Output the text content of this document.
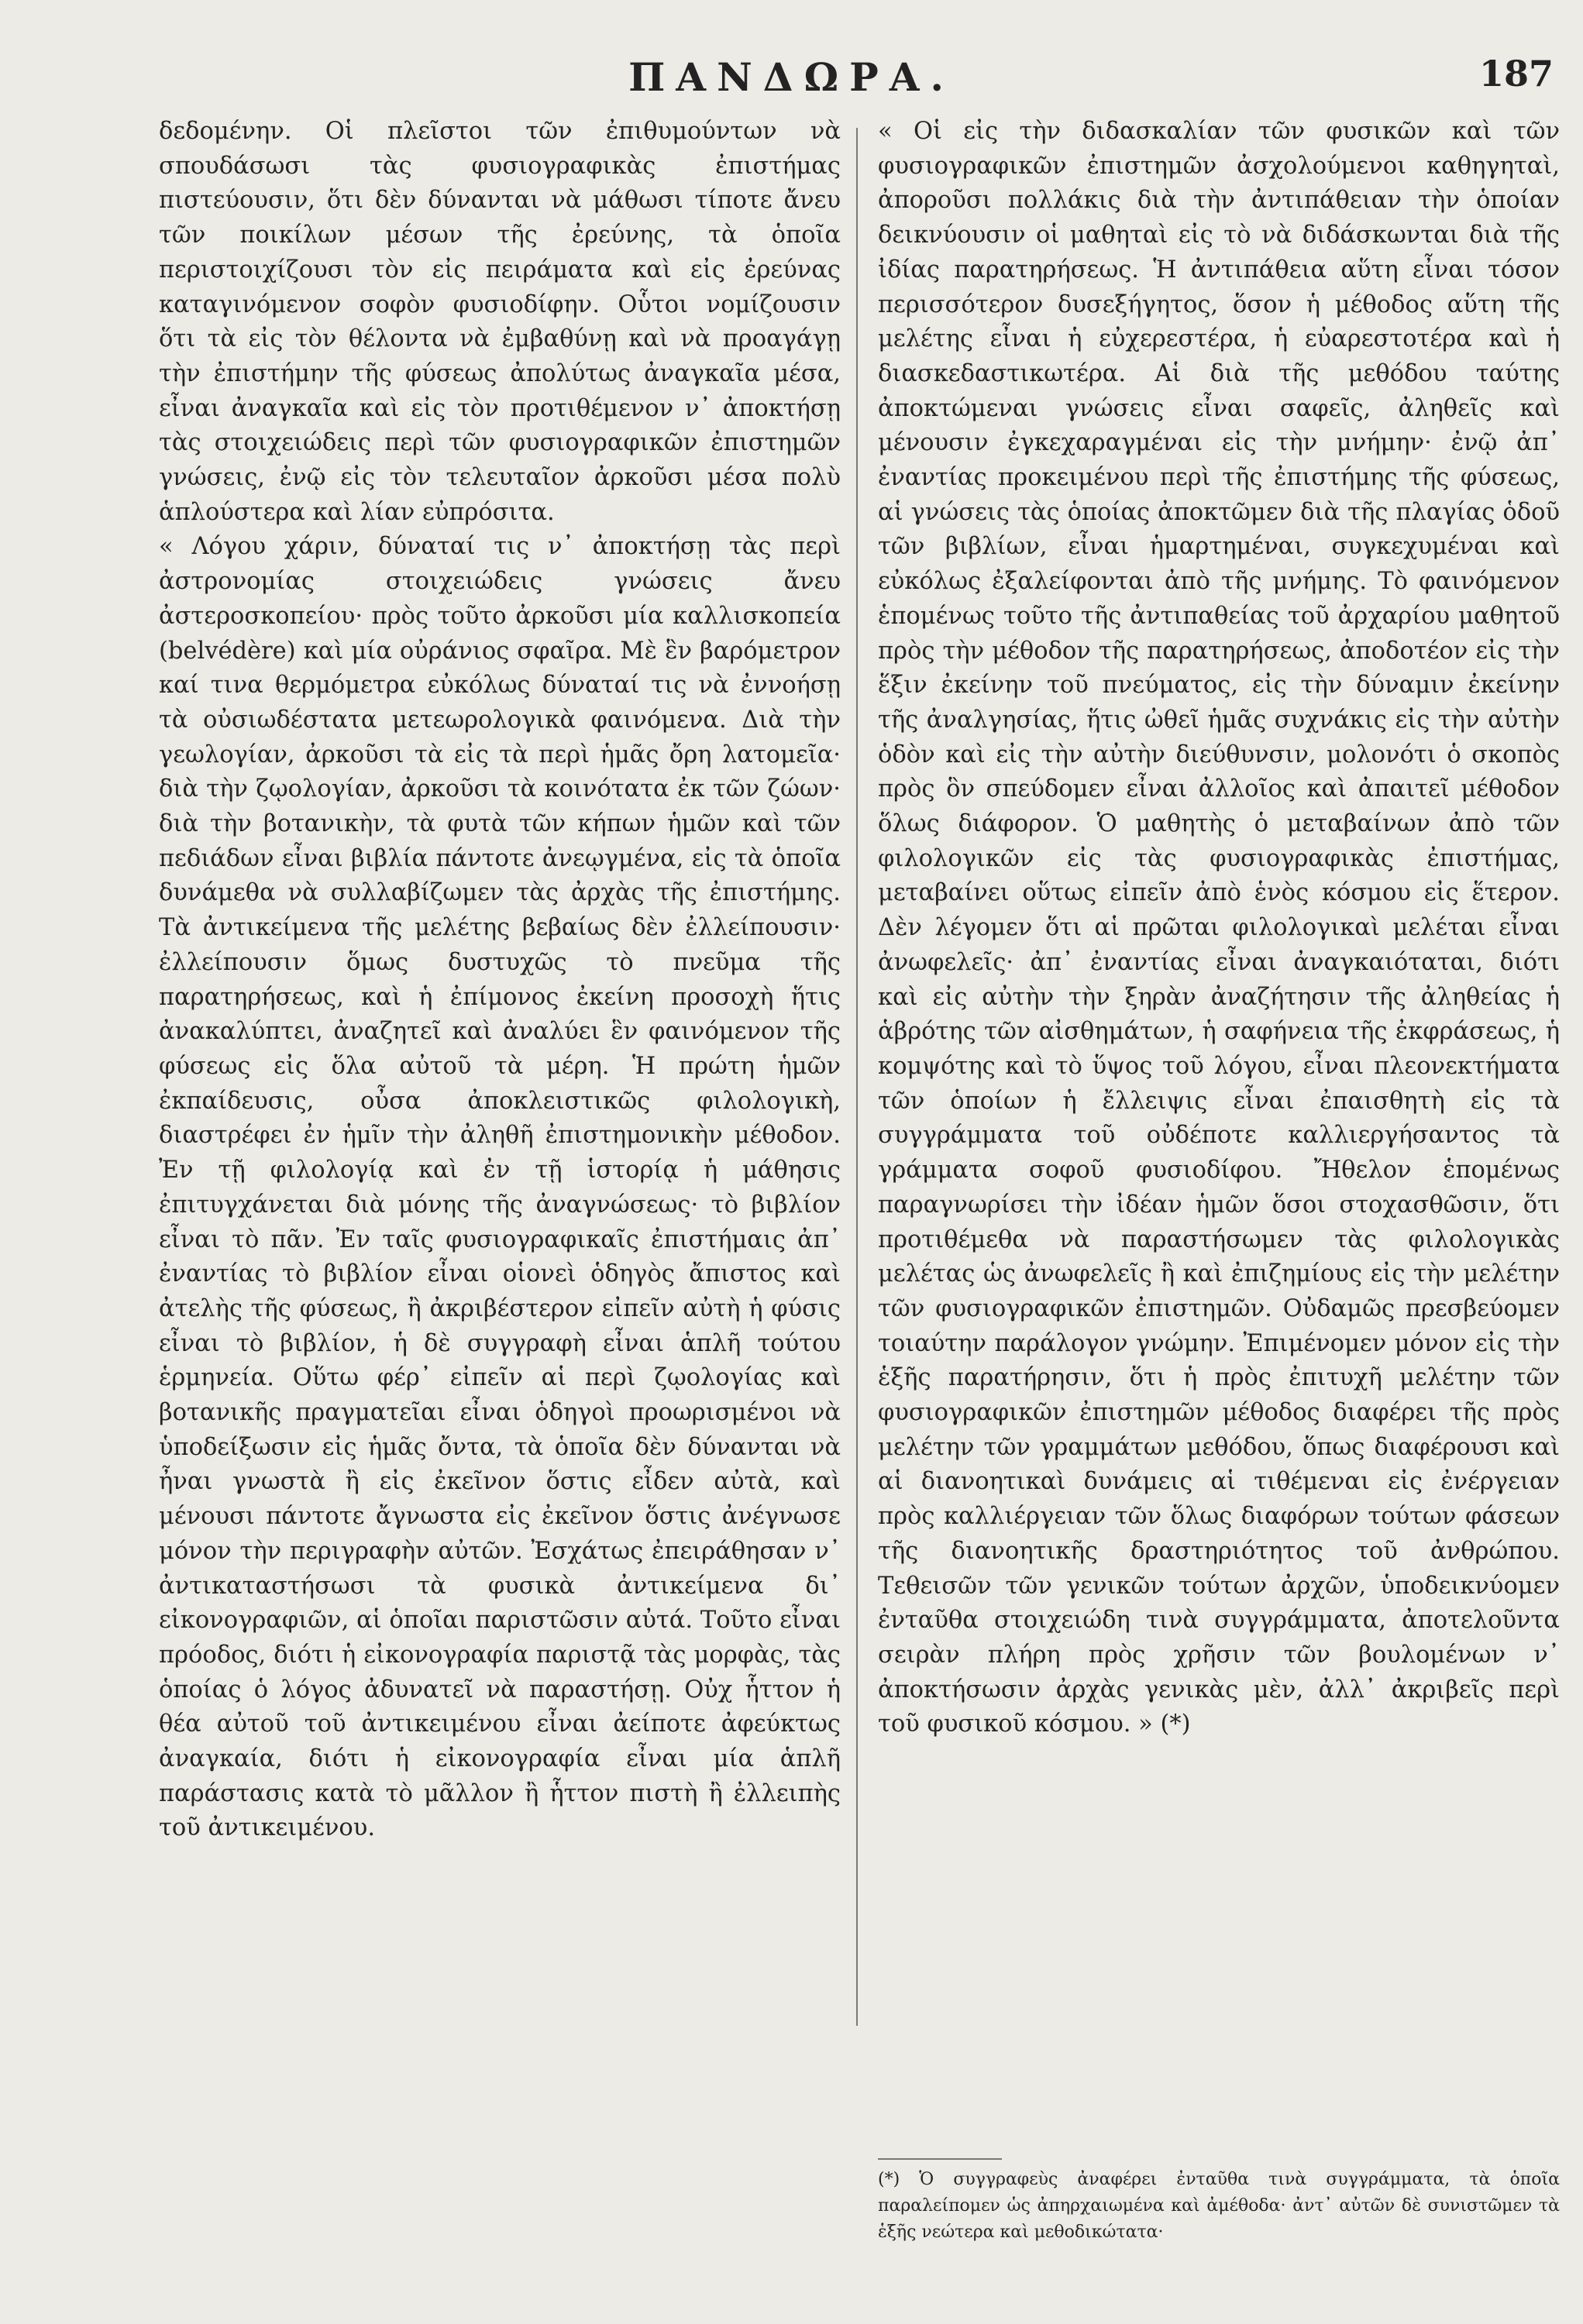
ΠΑΝΔΩΡΑ.	187

δεδομένην. Οἱ πλεῖστοι τῶν ἐπιθυμούντων νὰ σπουδάσωσι τὰς φυσιογραφικὰς ἐπιστήμας πιστεύουσιν, ὅτι δὲν δύνανται νὰ μάθωσι τίποτε ἄνευ τῶν ποικίλων μέσων τῆς ἐρεύνης, τὰ ὁποῖα περιστοιχίζουσι τὸν εἰς πειράματα καὶ εἰς ἐρεύνας καταγινόμενον σοφὸν φυσιοδίφην. Οὗτοι νομίζουσιν ὅτι τὰ εἰς τὸν θέλοντα νὰ ἐμβαθύνῃ καὶ νὰ προαγάγῃ τὴν ἐπιστήμην τῆς φύσεως ἀπολύτως ἀναγκαῖα μέσα, εἶναι ἀναγκαῖα καὶ εἰς τὸν προτιθέμενον ν᾽ ἀποκτήσῃ τὰς στοιχειώδεις περὶ τῶν φυσιογραφικῶν ἐπιστημῶν γνώσεις, ἐνῷ εἰς τὸν τελευταῖον ἀρκοῦσι μέσα πολὺ ἁπλούστερα καὶ λίαν εὐπρόσιτα.

« Λόγου χάριν, δύναταί τις ν᾽ ἀποκτήσῃ τὰς περὶ ἀστρονομίας στοιχειώδεις γνώσεις ἄνευ ἀστεροσκοπείου· πρὸς τοῦτο ἀρκοῦσι μία καλλισκοπεία (belvédère) καὶ μία οὐράνιος σφαῖρα. Μὲ ἓν βαρόμετρον καί τινα θερμόμετρα εὐκόλως δύναταί τις νὰ ἐννοήσῃ τὰ οὐσιωδέστατα μετεωρολογικὰ φαινόμενα. Διὰ τὴν γεωλογίαν, ἀρκοῦσι τὰ εἰς τὰ περὶ ἡμᾶς ὄρη λατομεῖα· διὰ τὴν ζῳολογίαν, ἀρκοῦσι τὰ κοινότατα ἐκ τῶν ζώων· διὰ τὴν βοτανικὴν, τὰ φυτὰ τῶν κήπων ἡμῶν καὶ τῶν πεδιάδων εἶναι βιβλία πάντοτε ἀνεῳγμένα, εἰς τὰ ὁποῖα δυνάμεθα νὰ συλλαβίζωμεν τὰς ἀρχὰς τῆς ἐπιστήμης. Τὰ ἀντικείμενα τῆς μελέτης βεβαίως δὲν ἐλλείπουσιν· ἐλλείπουσιν ὅμως δυστυχῶς τὸ πνεῦμα τῆς παρατηρήσεως, καὶ ἡ ἐπίμονος ἐκείνη προσοχὴ ἥτις ἀνακαλύπτει, ἀναζητεῖ καὶ ἀναλύει ἓν φαινόμενον τῆς φύσεως εἰς ὅλα αὐτοῦ τὰ μέρη. Ἡ πρώτη ἡμῶν ἐκπαίδευσις, οὖσα ἀποκλειστικῶς φιλολογικὴ, διαστρέφει ἐν ἡμῖν τὴν ἀληθῆ ἐπιστημονικὴν μέθοδον. Ἐν τῇ φιλολογίᾳ καὶ ἐν τῇ ἱστορίᾳ ἡ μάθησις ἐπιτυγχάνεται διὰ μόνης τῆς ἀναγνώσεως· τὸ βιβλίον εἶναι τὸ πᾶν. Ἐν ταῖς φυσιογραφικαῖς ἐπιστήμαις ἀπ᾽ ἐναντίας τὸ βιβλίον εἶναι οἱονεὶ ὁδηγὸς ἄπιστος καὶ ἀτελὴς τῆς φύσεως, ἢ ἀκριβέστερον εἰπεῖν αὐτὴ ἡ φύσις εἶναι τὸ βιβλίον, ἡ δὲ συγγραφὴ εἶναι ἁπλῆ τούτου ἑρμηνεία. Οὕτω φέρ᾽ εἰπεῖν αἱ περὶ ζῳολογίας καὶ βοτανικῆς πραγματεῖαι εἶναι ὁδηγοὶ προωρισμένοι νὰ ὑποδείξωσιν εἰς ἡμᾶς ὄντα, τὰ ὁποῖα δὲν δύνανται νὰ ἦναι γνωστὰ ἢ εἰς ἐκεῖνον ὅστις εἶδεν αὐτὰ, καὶ μένουσι πάντοτε ἄγνωστα εἰς ἐκεῖνον ὅστις ἀνέγνωσε μόνον τὴν περιγραφὴν αὐτῶν. Ἐσχάτως ἐπειράθησαν ν᾽ ἀντικαταστήσωσι τὰ φυσικὰ ἀντικείμενα δι᾽ εἰκονογραφιῶν, αἱ ὁποῖαι παριστῶσιν αὐτά. Τοῦτο εἶναι πρόοδος, διότι ἡ εἰκονογραφία παριστᾷ τὰς μορφὰς, τὰς ὁποίας ὁ λόγος ἀδυνατεῖ νὰ παραστήσῃ. Οὐχ ἧττον ἡ θέα αὐτοῦ τοῦ ἀντικειμένου εἶναι ἀείποτε ἀφεύκτως ἀναγκαία, διότι ἡ εἰκονογραφία εἶναι μία ἁπλῆ παράστασις κατὰ τὸ μᾶλλον ἢ ἧττον πιστὴ ἢ ἐλλειπὴς τοῦ ἀντικειμένου.

« Οἱ εἰς τὴν διδασκαλίαν τῶν φυσικῶν καὶ τῶν φυσιογραφικῶν ἐπιστημῶν ἀσχολούμενοι καθηγηταὶ, ἀποροῦσι πολλάκις διὰ τὴν ἀντιπάθειαν τὴν ὁποίαν δεικνύουσιν οἱ μαθηταὶ εἰς τὸ νὰ διδάσκωνται διὰ τῆς ἰδίας παρατηρήσεως. Ἡ ἀντιπάθεια αὕτη εἶναι τόσον περισσότερον δυσεξήγητος, ὅσον ἡ μέθοδος αὕτη τῆς μελέτης εἶναι ἡ εὐχερεστέρα, ἡ εὐαρεστοτέρα καὶ ἡ διασκεδαστικωτέρα. Αἱ διὰ τῆς μεθόδου ταύτης ἀποκτώμεναι γνώσεις εἶναι σαφεῖς, ἀληθεῖς καὶ μένουσιν ἐγκεχαραγμέναι εἰς τὴν μνήμην· ἐνῷ ἀπ᾽ ἐναντίας προκειμένου περὶ τῆς ἐπιστήμης τῆς φύσεως, αἱ γνώσεις τὰς ὁποίας ἀποκτῶμεν διὰ τῆς πλαγίας ὁδοῦ τῶν βιβλίων, εἶναι ἡμαρτημέναι, συγκεχυμέναι καὶ εὐκόλως ἐξαλείφονται ἀπὸ τῆς μνήμης. Τὸ φαινόμενον ἑπομένως τοῦτο τῆς ἀντιπαθείας τοῦ ἀρχαρίου μαθητοῦ πρὸς τὴν μέθοδον τῆς παρατηρήσεως, ἀποδοτέον εἰς τὴν ἕξιν ἐκείνην τοῦ πνεύματος, εἰς τὴν δύναμιν ἐκείνην τῆς ἀναλγησίας, ἥτις ὠθεῖ ἡμᾶς συχνάκις εἰς τὴν αὐτὴν ὁδὸν καὶ εἰς τὴν αὐτὴν διεύθυνσιν, μολονότι ὁ σκοπὸς πρὸς ὃν σπεύδομεν εἶναι ἀλλοῖος καὶ ἀπαιτεῖ μέθοδον ὅλως διάφορον. Ὁ μαθητὴς ὁ μεταβαίνων ἀπὸ τῶν φιλολογικῶν εἰς τὰς φυσιογραφικὰς ἐπιστήμας, μεταβαίνει οὕτως εἰπεῖν ἀπὸ ἑνὸς κόσμου εἰς ἕτερον. Δὲν λέγομεν ὅτι αἱ πρῶται φιλολογικαὶ μελέται εἶναι ἀνωφελεῖς· ἀπ᾽ ἐναντίας εἶναι ἀναγκαιόταται, διότι καὶ εἰς αὐτὴν τὴν ξηρὰν ἀναζήτησιν τῆς ἀληθείας ἡ ἁβρότης τῶν αἰσθημάτων, ἡ σαφήνεια τῆς ἐκφράσεως, ἡ κομψότης καὶ τὸ ὕψος τοῦ λόγου, εἶναι πλεονεκτήματα τῶν ὁποίων ἡ ἔλλειψις εἶναι ἐπαισθητὴ εἰς τὰ συγγράμματα τοῦ οὐδέποτε καλλιεργήσαντος τὰ γράμματα σοφοῦ φυσιοδίφου. Ἤθελον ἑπομένως παραγνωρίσει τὴν ἰδέαν ἡμῶν ὅσοι στοχασθῶσιν, ὅτι προτιθέμεθα νὰ παραστήσωμεν τὰς φιλολογικὰς μελέτας ὡς ἀνωφελεῖς ἢ καὶ ἐπιζημίους εἰς τὴν μελέτην τῶν φυσιογραφικῶν ἐπιστημῶν. Οὐδαμῶς πρεσβεύομεν τοιαύτην παράλογον γνώμην. Ἐπιμένομεν μόνον εἰς τὴν ἑξῆς παρατήρησιν, ὅτι ἡ πρὸς ἐπιτυχῆ μελέτην τῶν φυσιογραφικῶν ἐπιστημῶν μέθοδος διαφέρει τῆς πρὸς μελέτην τῶν γραμμάτων μεθόδου, ὅπως διαφέρουσι καὶ αἱ διανοητικαὶ δυνάμεις αἱ τιθέμεναι εἰς ἐνέργειαν πρὸς καλλιέργειαν τῶν ὅλως διαφόρων τούτων φάσεων τῆς διανοητικῆς δραστηριότητος τοῦ ἀνθρώπου. Τεθεισῶν τῶν γενικῶν τούτων ἀρχῶν, ὑποδεικνύομεν ἐνταῦθα στοιχειώδη τινὰ συγγράμματα, ἀποτελοῦντα σειρὰν πλήρη πρὸς χρῆσιν τῶν βουλομένων ν᾽ ἀποκτήσωσιν ἀρχὰς γενικὰς μὲν, ἀλλ᾽ ἀκριβεῖς περὶ τοῦ φυσικοῦ κόσμου. » (*)

(*) Ὁ συγγραφεὺς ἀναφέρει ἐνταῦθα τινὰ συγγράμματα, τὰ ὁποῖα παραλείπομεν ὡς ἀπηρχαιωμένα καὶ ἀμέθοδα· ἀντ᾽ αὐτῶν δὲ συνιστῶμεν τὰ ἑξῆς νεώτερα καὶ μεθοδικώτατα·
